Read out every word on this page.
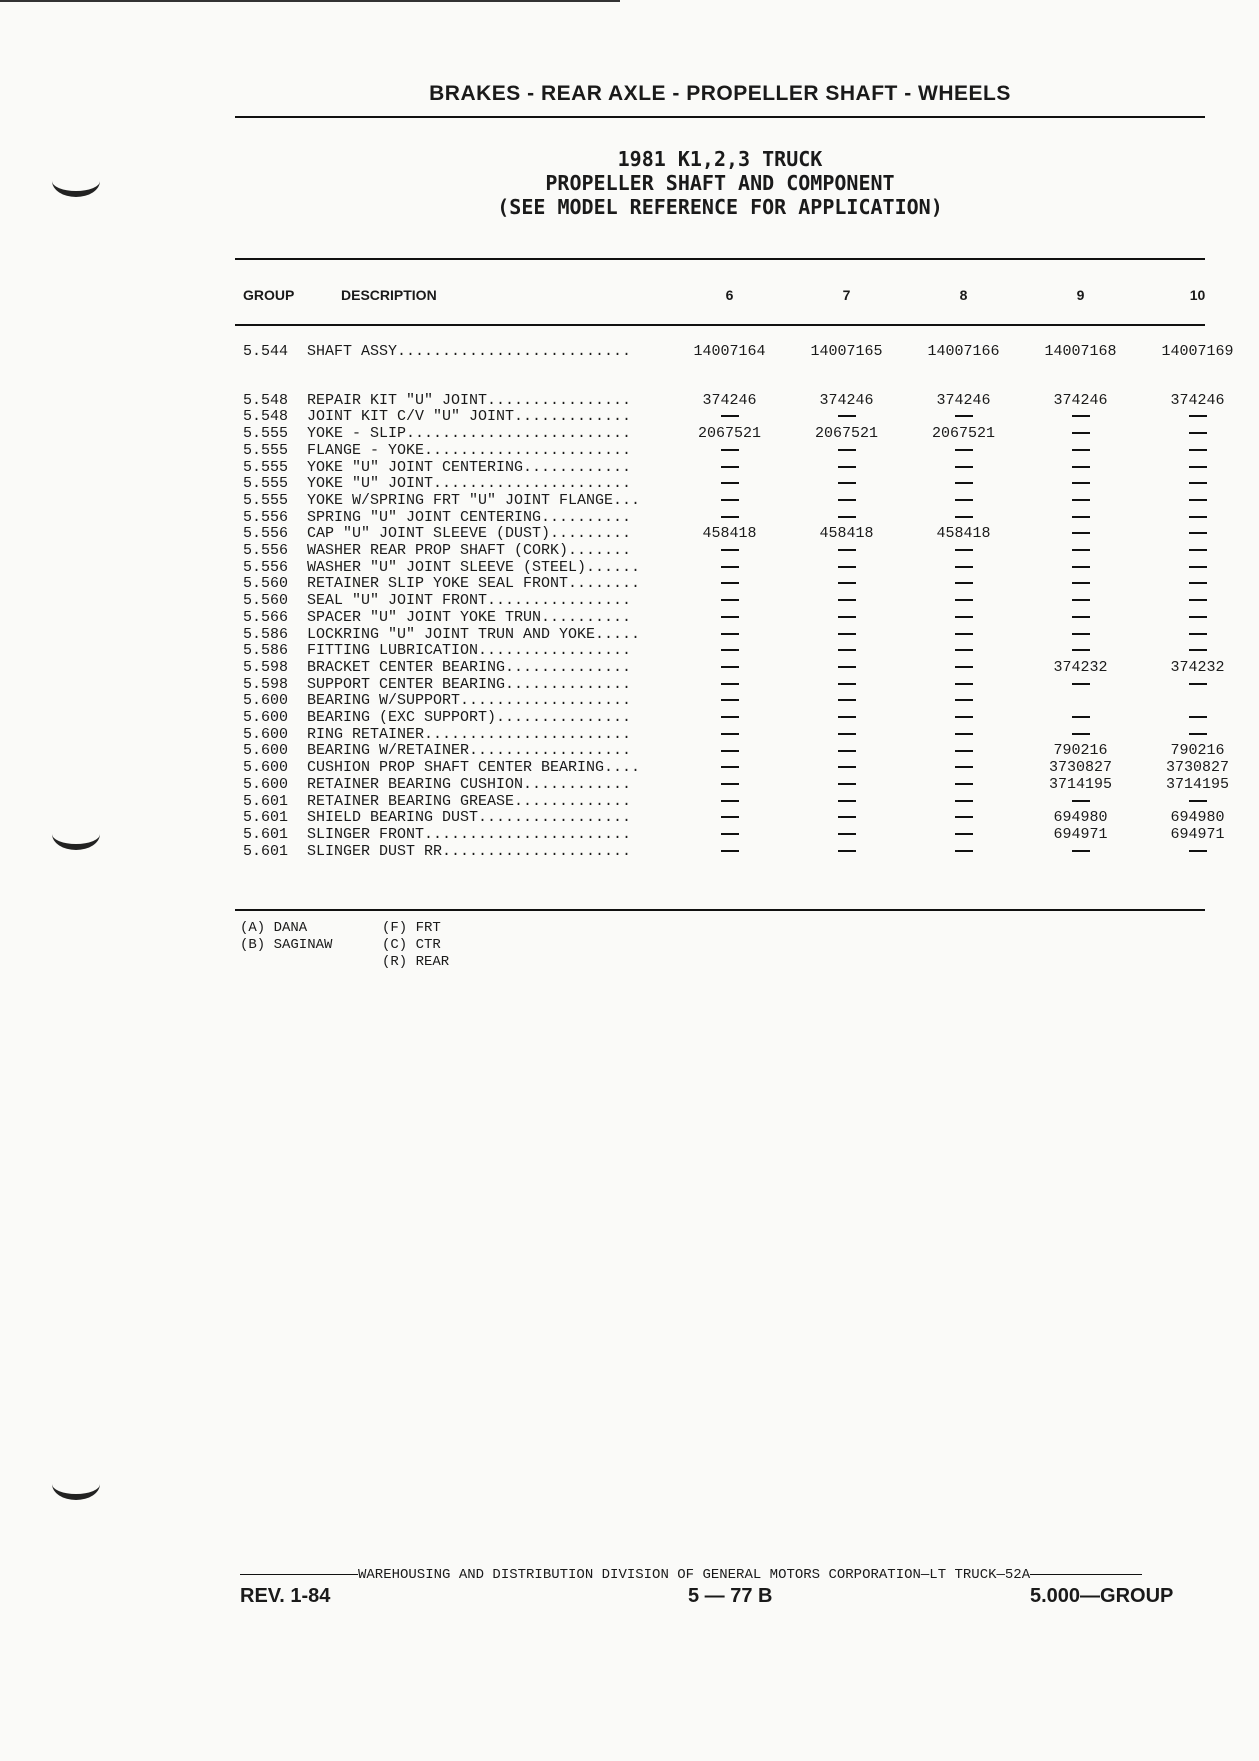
BRAKES - REAR AXLE - PROPELLER SHAFT - WHEELS
1981 K1,2,3 TRUCK
PROPELLER SHAFT AND COMPONENT
(SEE MODEL REFERENCE FOR APPLICATION)
GROUP	DESCRIPTION	6	7	8	9	10

5.544	SHAFT ASSY..........................	14007164	14007165	14007166	14007168	14007169

5.548	REPAIR KIT "U" JOINT................	374246	374246	374246	374246	374246
5.548	JOINT KIT C/V "U" JOINT.............					
5.555	YOKE - SLIP.........................	2067521	2067521	2067521		
5.555	FLANGE - YOKE.......................					
5.555	YOKE "U" JOINT CENTERING............					
5.555	YOKE "U" JOINT......................					
5.555	YOKE W/SPRING FRT "U" JOINT FLANGE...					
5.556	SPRING "U" JOINT CENTERING..........					
5.556	CAP "U" JOINT SLEEVE (DUST).........	458418	458418	458418		
5.556	WASHER REAR PROP SHAFT (CORK).......					
5.556	WASHER "U" JOINT SLEEVE (STEEL)......					
5.560	RETAINER SLIP YOKE SEAL FRONT........					
5.560	SEAL "U" JOINT FRONT................					
5.566	SPACER "U" JOINT YOKE TRUN..........					
5.586	LOCKRING "U" JOINT TRUN AND YOKE.....					
5.586	FITTING LUBRICATION.................					
5.598	BRACKET CENTER BEARING..............				374232	374232
5.598	SUPPORT CENTER BEARING..............					
5.600	BEARING W/SUPPORT...................					
5.600	BEARING (EXC SUPPORT)...............					
5.600	RING RETAINER.......................					
5.600	BEARING W/RETAINER..................				790216	790216
5.600	CUSHION PROP SHAFT CENTER BEARING....				3730827	3730827
5.600	RETAINER BEARING CUSHION............				3714195	3714195
5.601	RETAINER BEARING GREASE.............					
5.601	SHIELD BEARING DUST.................				694980	694980
5.601	SLINGER FRONT.......................				694971	694971
5.601	SLINGER DUST RR.....................					
(A) DANA
(B) SAGINAW
(F) FRT
(C) CTR
(R) REAR
WAREHOUSING AND DISTRIBUTION DIVISION OF GENERAL MOTORS CORPORATION—LT TRUCK—52A
REV. 1-84	5 — 77 B	5.000—GROUP
